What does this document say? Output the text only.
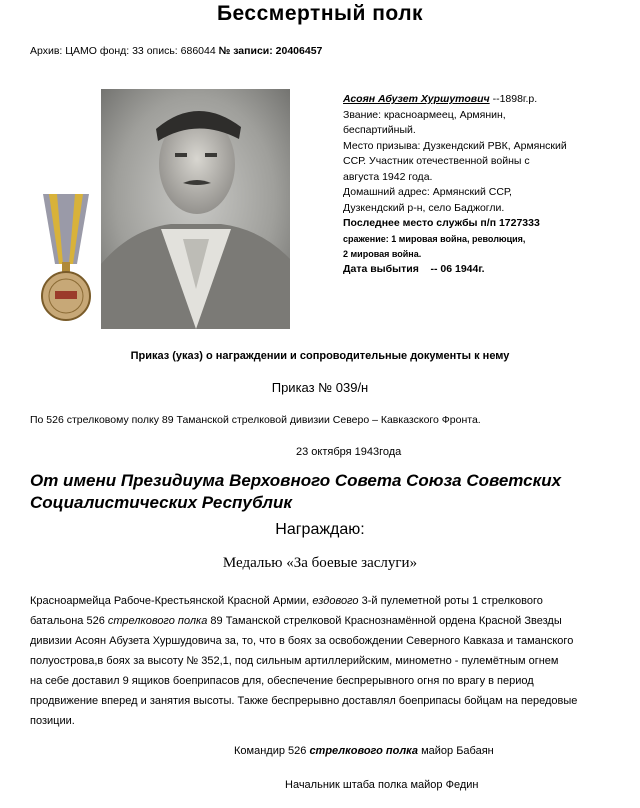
Бессмертный полк
Архив: ЦАМО фонд: 33 опись: 686044 № записи: 20406457
Асоян Абузет Хуршутович --1898г.р.
Звание: красноармеец, Армянин,
беспартийный.
Место призыва: Дузкендский РВК, Армянский
ССР. Участник отечественной войны с
августа 1942 года.
Домашний адрес: Армянский ССР,
Дузкендский р-н, село Баджогли.
Последнее место службы п/п 1727333
сражение: 1 мировая война, революция,
2 мировая война.
Дата выбытия    -- 06 1944г.
Приказ (указ) о награждении и сопроводительные документы к нему
Приказ № 039/н
По 526 стрелковому полку 89 Таманской стрелковой дивизии Северо – Кавказского Фронта.
23 октября 1943года
От имени Президиума Верховного Совета Союза Советских
Социалистических Республик
Награждаю:
Медалью «За боевые заслуги»
Красноармейца Рабоче-Крестьянской Красной Армии, ездового 3-й пулеметной роты 1 стрелкового
батальона 526 стрелкового полка 89 Таманской стрелковой Краснознамённой ордена Красной Звезды
дивизии Асоян Абузета Хуршудовича за, то, что в боях за освобождении Северного Кавказа и таманского
полуострова,в боях за высоту № 352,1, под сильным артиллерийским, минометно - пулемётным огнем
на себе доставил 9 ящиков боеприпасов для, обеспечение беспрерывного огня по врагу в период
продвижение вперед и занятия высоты. Также беспрерывно доставлял боеприпасы бойцам на передовые
позиции.
Командир 526 стрелкового полка майор Бабаян
Начальник штаба полка майор Федин
